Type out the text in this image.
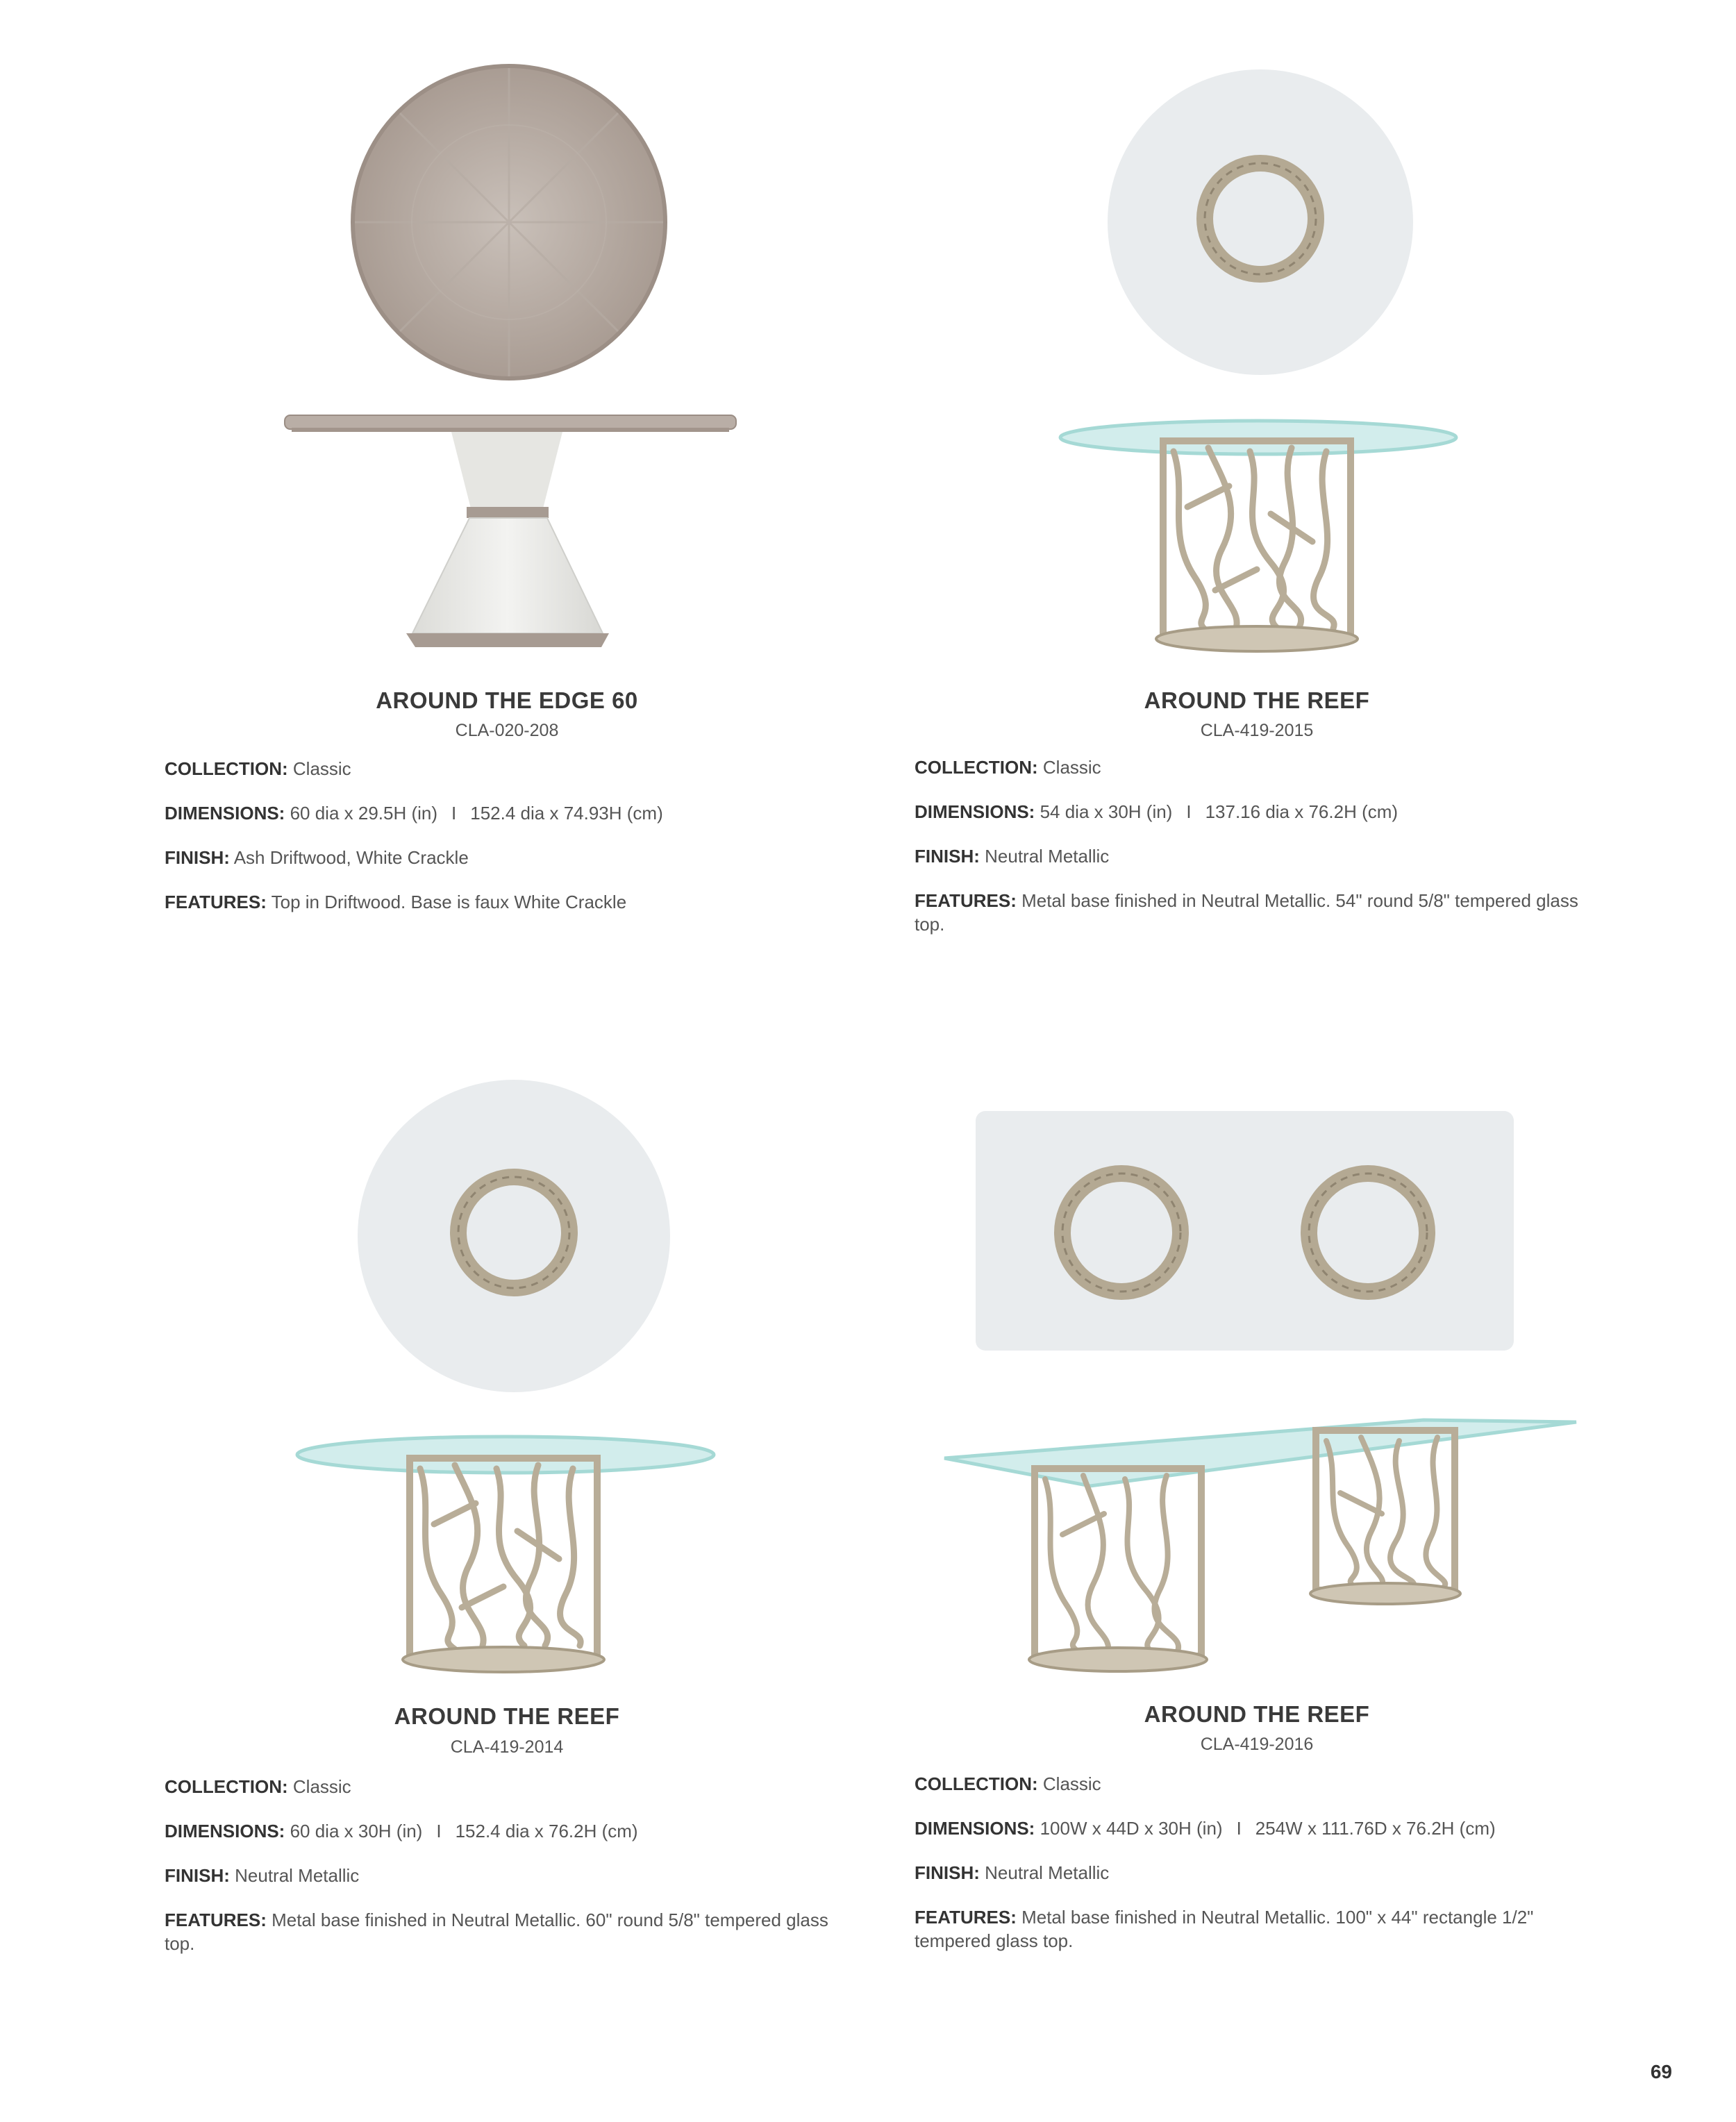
AROUND THE EDGE 60
CLA-020-208

COLLECTION: Classic

DIMENSIONS: 60 dia x 29.5H (in) I 152.4 dia x 74.93H (cm)

FINISH: Ash Driftwood, White Crackle

FEATURES: Top in Driftwood. Base is faux White Crackle

AROUND THE REEF
CLA-419-2015

COLLECTION: Classic

DIMENSIONS: 54 dia x 30H (in) I 137.16 dia x 76.2H (cm)

FINISH: Neutral Metallic

FEATURES: Metal base finished in Neutral Metallic. 54" round 5/8" tempered glass top.

AROUND THE REEF
CLA-419-2014

COLLECTION: Classic

DIMENSIONS: 60 dia x 30H (in) I 152.4 dia x 76.2H (cm)

FINISH: Neutral Metallic

FEATURES: Metal base finished in Neutral Metallic. 60" round 5/8" tempered glass top.

AROUND THE REEF
CLA-419-2016

COLLECTION: Classic

DIMENSIONS: 100W x 44D x 30H (in) I 254W x 111.76D x 76.2H (cm)

FINISH: Neutral Metallic

FEATURES: Metal base finished in Neutral Metallic. 100" x 44" rectangle 1/2" tempered glass top.

69
